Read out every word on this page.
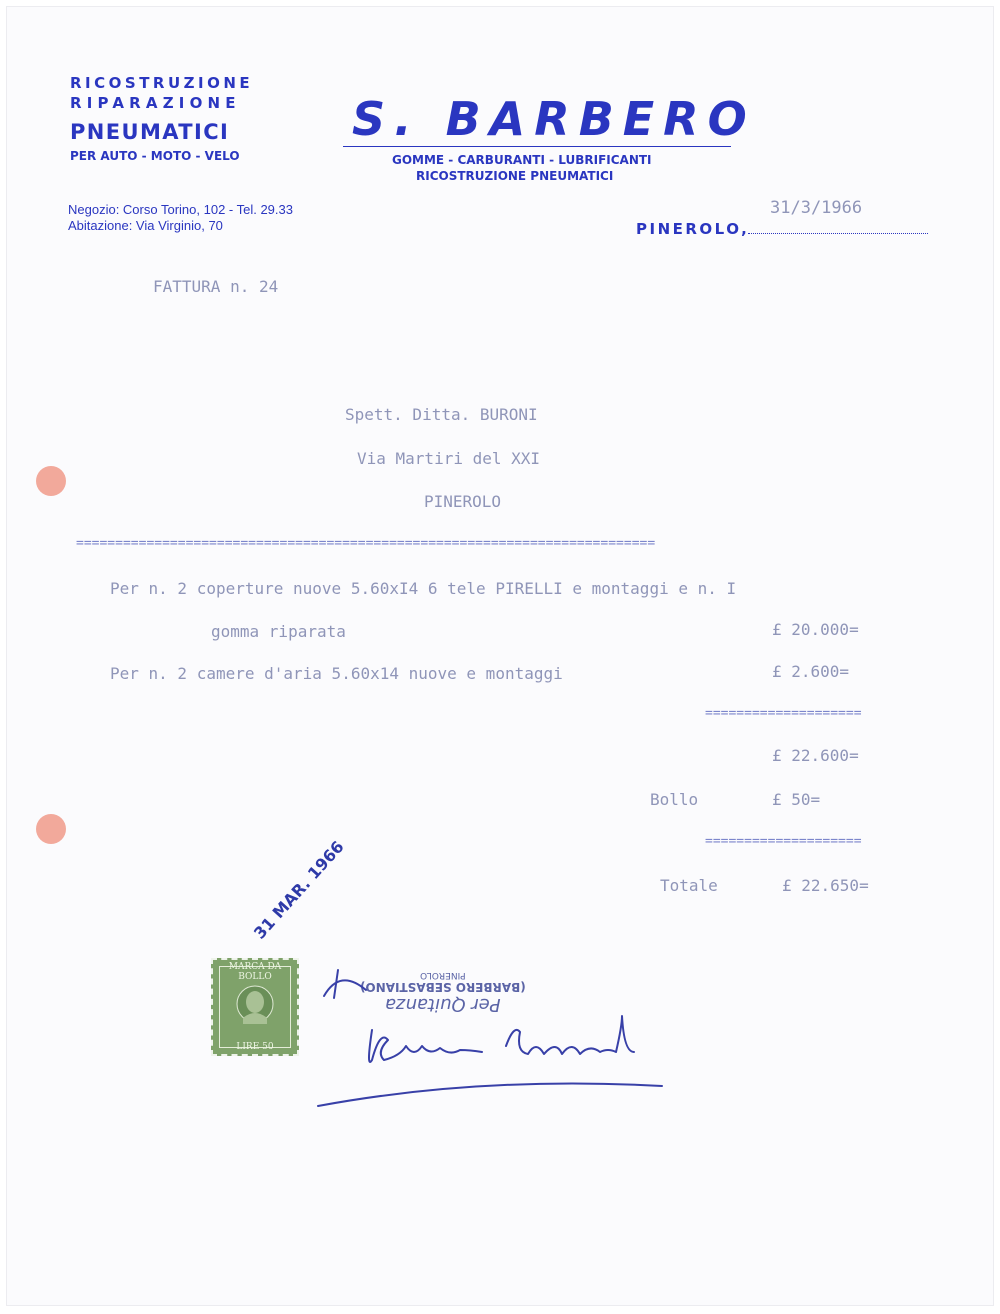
RICOSTRUZIONE
RIPARAZIONE
PNEUMATICI
PER AUTO - MOTO - VELO
S. BARBERO
GOMME - CARBURANTI - LUBRIFICANTI
RICOSTRUZIONE PNEUMATICI
Negozio: Corso Torino, 102 - Tel. 29.33
Abitazione: Via Virginio, 70	PINEROLO,
31/3/1966
FATTURA n. 24
Spett. Ditta. BURONI
Via Martiri del XXI
PINEROLO
==========================================================================
Per n. 2 coperture nuove 5.60xI4 6 tele PIRELLI e montaggi e n. I
gomma riparata	£ 20.000=
Per n. 2 camere d'aria 5.60x14 nuove e montaggi	£ 2.600=
====================
£ 22.600=
Bollo	£ 50=
====================
Totale	£ 22.650=
MARCA DA BOLLO
LIRE 50
31 MAR. 1966
Per Quitanza
(BARBERO SEBASTIANO)
PINEROLO
